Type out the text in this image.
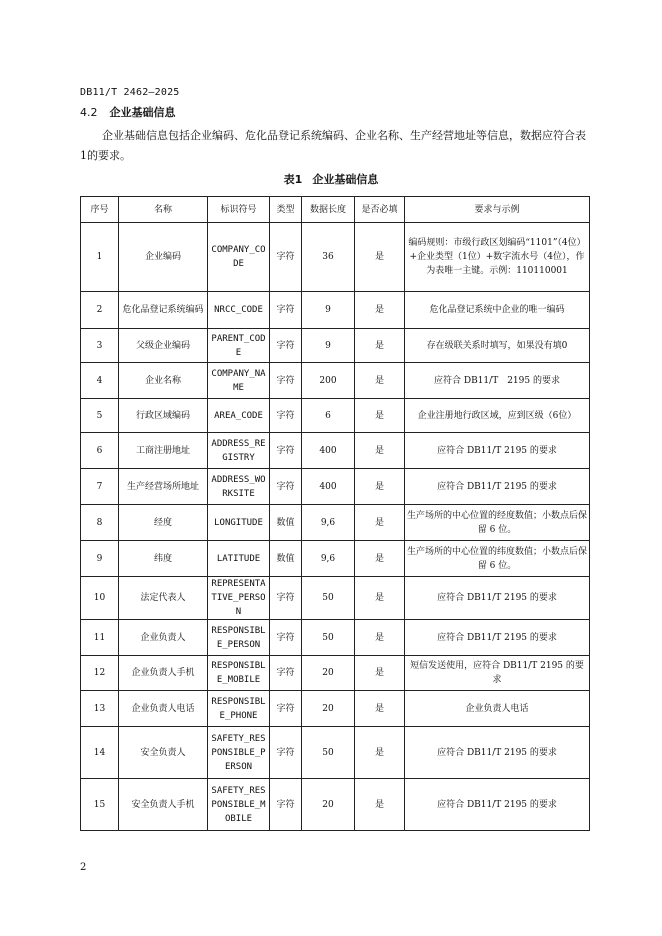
DB11/T 2462—2025
4.2 企业基础信息

企业基础信息包括企业编码、危化品登记系统编码、企业名称、生产经营地址等信息，数据应符合表1的要求。

表1 企业基础信息
序号	名称	标识符号	类型	数据长度	是否必填	要求与示例
1	企业编码	COMPANY_CODE	字符	36	是	编码规则：市级行政区划编码“1101”（4位）+企业类型（1位）+数字流水号（4位），作为表唯一主键。示例：110110001
2	危化品登记系统编码	NRCC_CODE	字符	9	是	危化品登记系统中企业的唯一编码
3	父级企业编码	PARENT_CODE	字符	9	是	存在级联关系时填写，如果没有填0
4	企业名称	COMPANY_NAME	字符	200	是	应符合 DB11/T　2195 的要求
5	行政区域编码	AREA_CODE	字符	6	是	企业注册地行政区域，应到区级（6位）
6	工商注册地址	ADDRESS_REGISTRY	字符	400	是	应符合 DB11/T 2195 的要求
7	生产经营场所地址	ADDRESS_WORKSITE	字符	400	是	应符合 DB11/T 2195 的要求
8	经度	LONGITUDE	数值	9,6	是	生产场所的中心位置的经度数值；小数点后保留 6 位。
9	纬度	LATITUDE	数值	9,6	是	生产场所的中心位置的纬度数值；小数点后保留 6 位。
10	法定代表人	REPRESENTATIVE_PERSON	字符	50	是	应符合 DB11/T 2195 的要求
11	企业负责人	RESPONSIBLE_PERSON	字符	50	是	应符合 DB11/T 2195 的要求
12	企业负责人手机	RESPONSIBLE_MOBILE	字符	20	是	短信发送使用，应符合 DB11/T 2195 的要求
13	企业负责人电话	RESPONSIBLE_PHONE	字符	20	是	企业负责人电话
14	安全负责人	SAFETY_RESPONSIBLE_PERSON	字符	50	是	应符合 DB11/T 2195 的要求
15	安全负责人手机	SAFETY_RESPONSIBLE_MOBILE	字符	20	是	应符合 DB11/T 2195 的要求
2
